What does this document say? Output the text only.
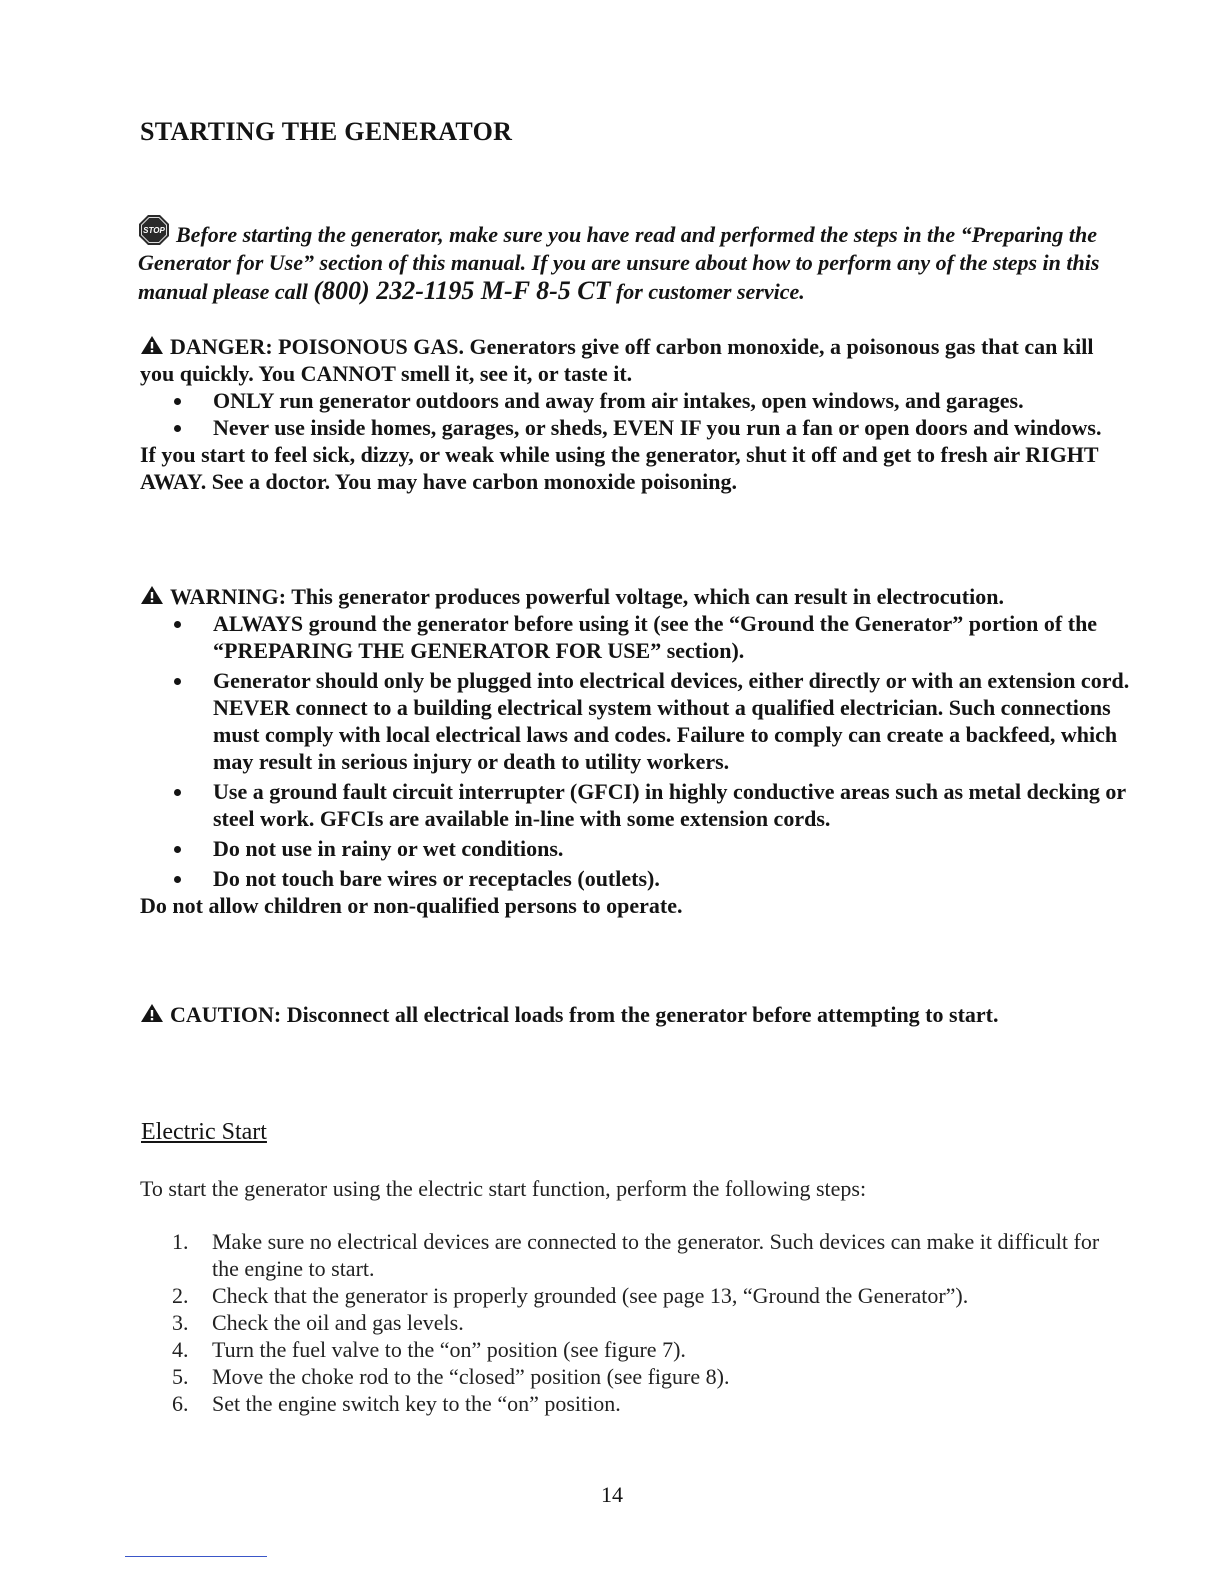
STARTING THE GENERATOR
STOP Before starting the generator, make sure you have read and performed the steps in the “Preparing the Generator for Use” section of this manual. If you are unsure about how to perform any of the steps in this manual please call (800) 232-1195 M-F 8-5 CT for customer service.
DANGER: POISONOUS GAS. Generators give off carbon monoxide, a poisonous gas that can kill you quickly. You CANNOT smell it, see it, or taste it.
ONLY run generator outdoors and away from air intakes, open windows, and garages.
Never use inside homes, garages, or sheds, EVEN IF you run a fan or open doors and windows.
If you start to feel sick, dizzy, or weak while using the generator, shut it off and get to fresh air RIGHT AWAY. See a doctor. You may have carbon monoxide poisoning.
WARNING: This generator produces powerful voltage, which can result in electrocution.
ALWAYS ground the generator before using it (see the “Ground the Generator” portion of the “PREPARING THE GENERATOR FOR USE” section).
Generator should only be plugged into electrical devices, either directly or with an extension cord. NEVER connect to a building electrical system without a qualified electrician. Such connections must comply with local electrical laws and codes. Failure to comply can create a backfeed, which may result in serious injury or death to utility workers.
Use a ground fault circuit interrupter (GFCI) in highly conductive areas such as metal decking or steel work. GFCIs are available in-line with some extension cords.
Do not use in rainy or wet conditions.
Do not touch bare wires or receptacles (outlets).
Do not allow children or non-qualified persons to operate.
CAUTION: Disconnect all electrical loads from the generator before attempting to start.
Electric Start
To start the generator using the electric start function, perform the following steps:
1. Make sure no electrical devices are connected to the generator. Such devices can make it difficult for the engine to start.
2. Check that the generator is properly grounded (see page 13, “Ground the Generator”).
3. Check the oil and gas levels.
4. Turn the fuel valve to the “on” position (see figure 7).
5. Move the choke rod to the “closed” position (see figure 8).
6. Set the engine switch key to the “on” position.
14
